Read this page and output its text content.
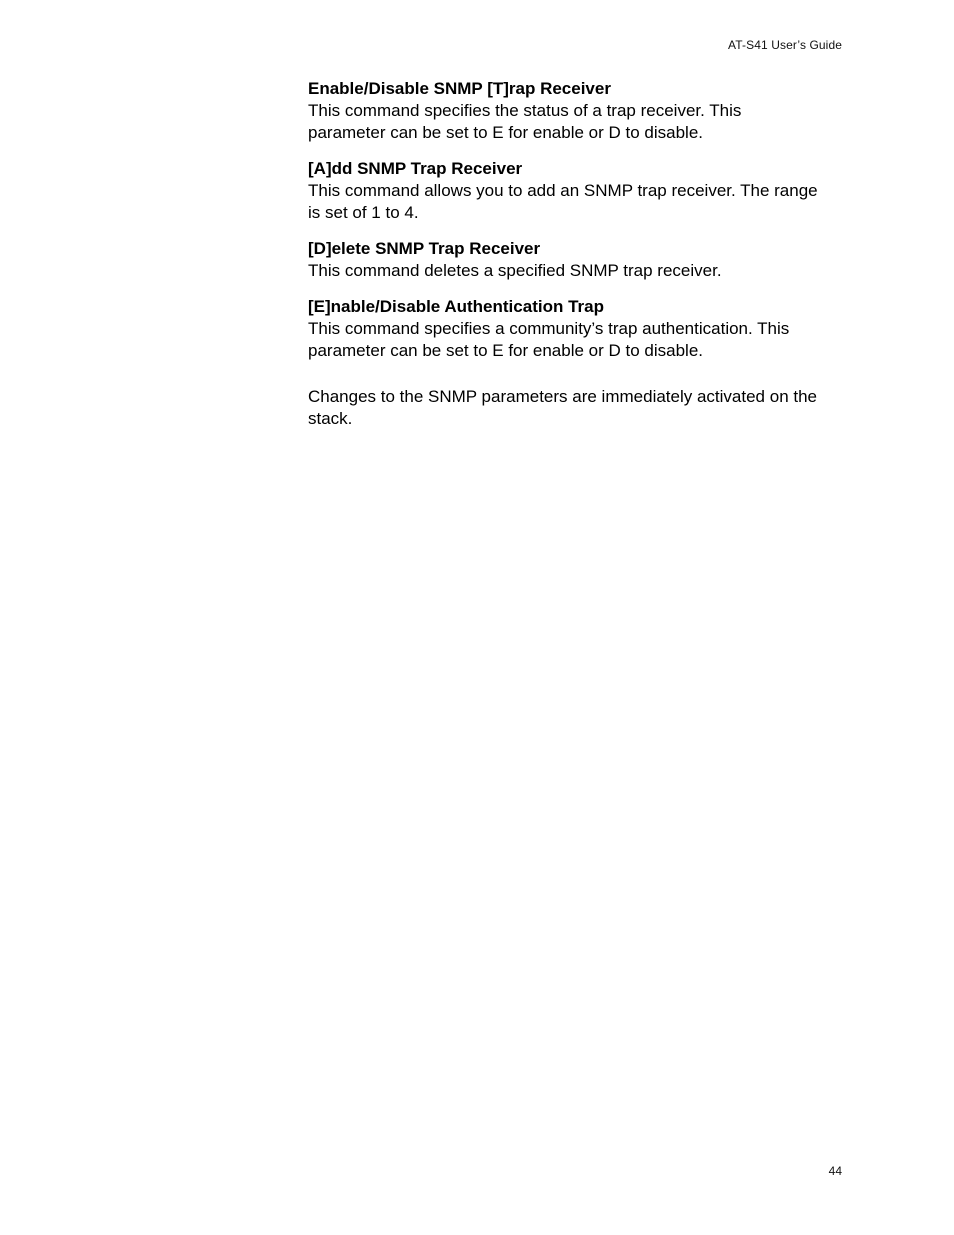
AT-S41 User’s Guide

Enable/Disable SNMP [T]rap Receiver

This command specifies the status of a trap receiver. This parameter can be set to E for enable or D to disable.

[A]dd SNMP Trap Receiver

This command allows you to add an SNMP trap receiver. The range is set of 1 to 4.

[D]elete SNMP Trap Receiver

This command deletes a specified SNMP trap receiver.

[E]nable/Disable Authentication Trap

This command specifies a community’s trap authentication. This parameter can be set to E for enable or D to disable.

Changes to the SNMP parameters are immediately activated on the stack.

44
